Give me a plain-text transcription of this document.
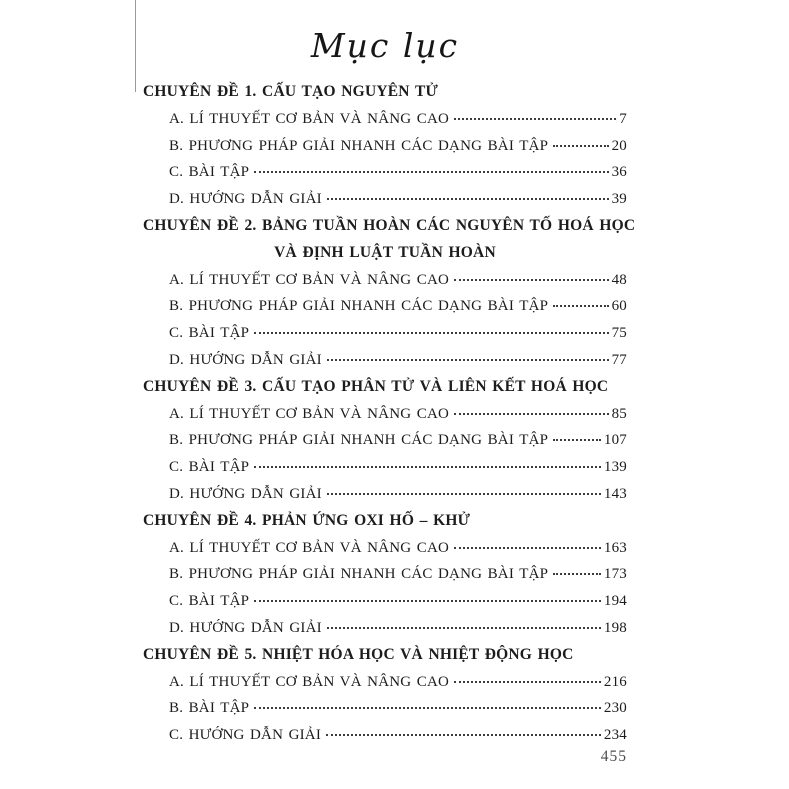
Mục lục
CHUYÊN ĐỀ 1. CẤU TẠO NGUYÊN TỬ
A. LÍ THUYẾT CƠ BẢN VÀ NÂNG CAO	7
B. PHƯƠNG PHÁP GIẢI NHANH CÁC DẠNG BÀI TẬP	20
C. BÀI TẬP	36
D. HƯỚNG DẪN GIẢI	39
CHUYÊN ĐỀ 2. BẢNG TUẦN HOÀN CÁC NGUYÊN TỐ HOÁ HỌC
VÀ ĐỊNH LUẬT TUẦN HOÀN
A. LÍ THUYẾT CƠ BẢN VÀ NÂNG CAO	48
B. PHƯƠNG PHÁP GIẢI NHANH CÁC DẠNG BÀI TẬP	60
C. BÀI TẬP	75
D. HƯỚNG DẪN GIẢI	77
CHUYÊN ĐỀ 3. CẤU TẠO PHÂN TỬ VÀ LIÊN KẾT HOÁ HỌC
A. LÍ THUYẾT CƠ BẢN VÀ NÂNG CAO	85
B. PHƯƠNG PHÁP GIẢI NHANH CÁC DẠNG BÀI TẬP	107
C. BÀI TẬP	139
D. HƯỚNG DẪN GIẢI	143
CHUYÊN ĐỀ 4. PHẢN ỨNG OXI HỐ – KHỬ
A. LÍ THUYẾT CƠ BẢN VÀ NÂNG CAO	163
B. PHƯƠNG PHÁP GIẢI NHANH CÁC DẠNG BÀI TẬP	173
C. BÀI TẬP	194
D. HƯỚNG DẪN GIẢI	198
CHUYÊN ĐỀ 5. NHIỆT HÓA HỌC VÀ NHIỆT ĐỘNG HỌC
A. LÍ THUYẾT CƠ BẢN VÀ NÂNG CAO	216
B. BÀI TẬP	230
C. HƯỚNG DẪN GIẢI	234
455
